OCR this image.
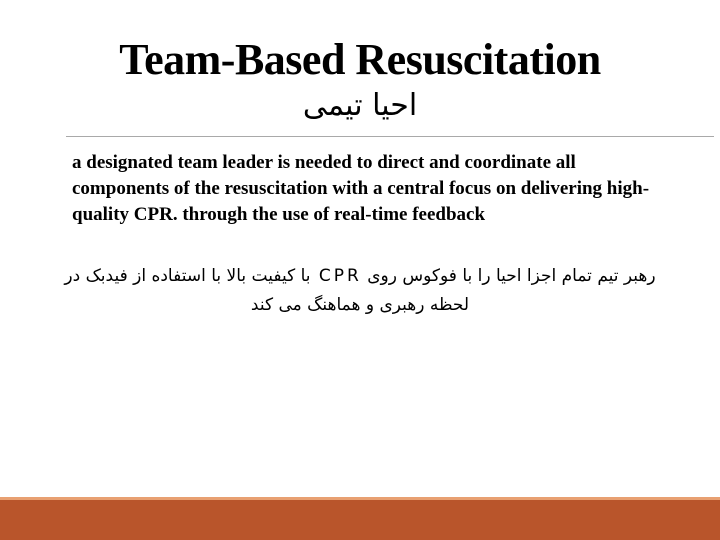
Team-Based Resuscitation
احیا تیمی
a designated team leader is needed to direct and coordinate all components of the resuscitation with a central focus on delivering high-quality CPR. through the use of real-time feedback
رهبر تیم تمام اجزا احیا را با فوکوس روی CPR با کیفیت بالا با استفاده از فیدبک در لحظه رهبری و هماهنگ می کند
